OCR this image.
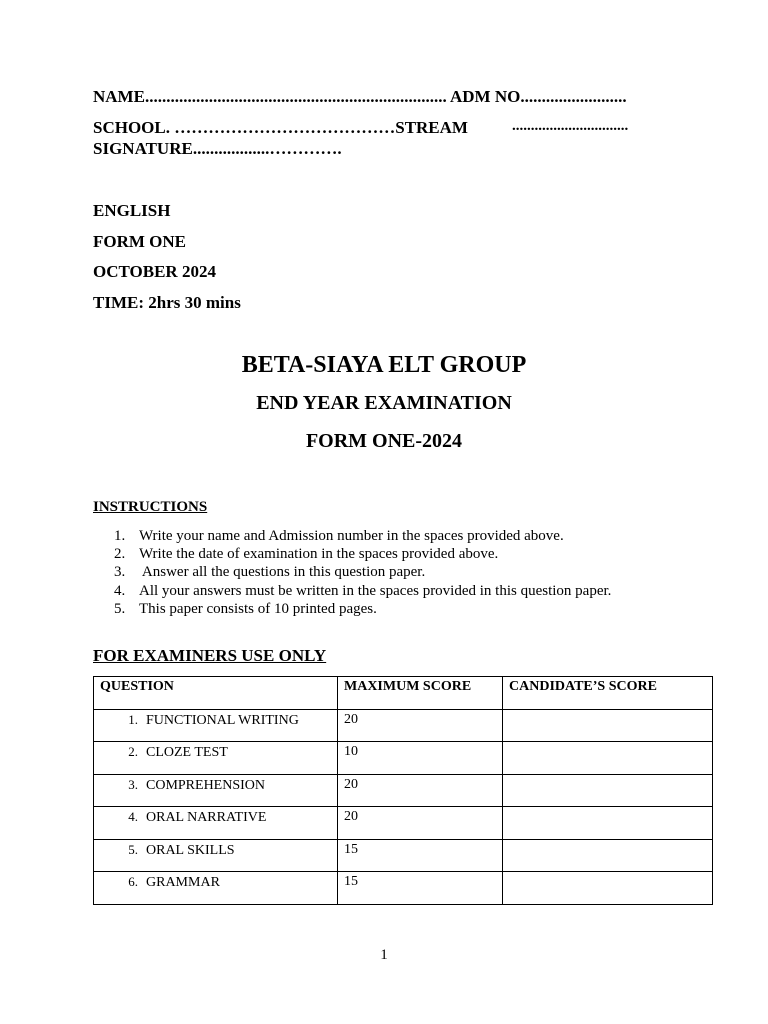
NAME....................................................................... ADM NO.........................
SCHOOL. …………………………………STREAM	...............................
SIGNATURE..................………….
ENGLISH
FORM ONE
OCTOBER 2024
TIME: 2hrs 30 mins
BETA-SIAYA ELT GROUP
END YEAR EXAMINATION
FORM ONE-2024
INSTRUCTIONS
1. Write your name and Admission number in the spaces provided above.
2. Write the date of examination in the spaces provided above.
3. Answer all the questions in this question paper.
4. All your answers must be written in the spaces provided in this question paper.
5. This paper consists of 10 printed pages.
FOR EXAMINERS USE ONLY
QUESTION	MAXIMUM SCORE	CANDIDATE’S SCORE

1. FUNCTIONAL WRITING	20	

2. CLOZE TEST	10	

3. COMPREHENSION	20	

4. ORAL NARRATIVE	20	

5. ORAL SKILLS	15	

6. GRAMMAR	15	

1
